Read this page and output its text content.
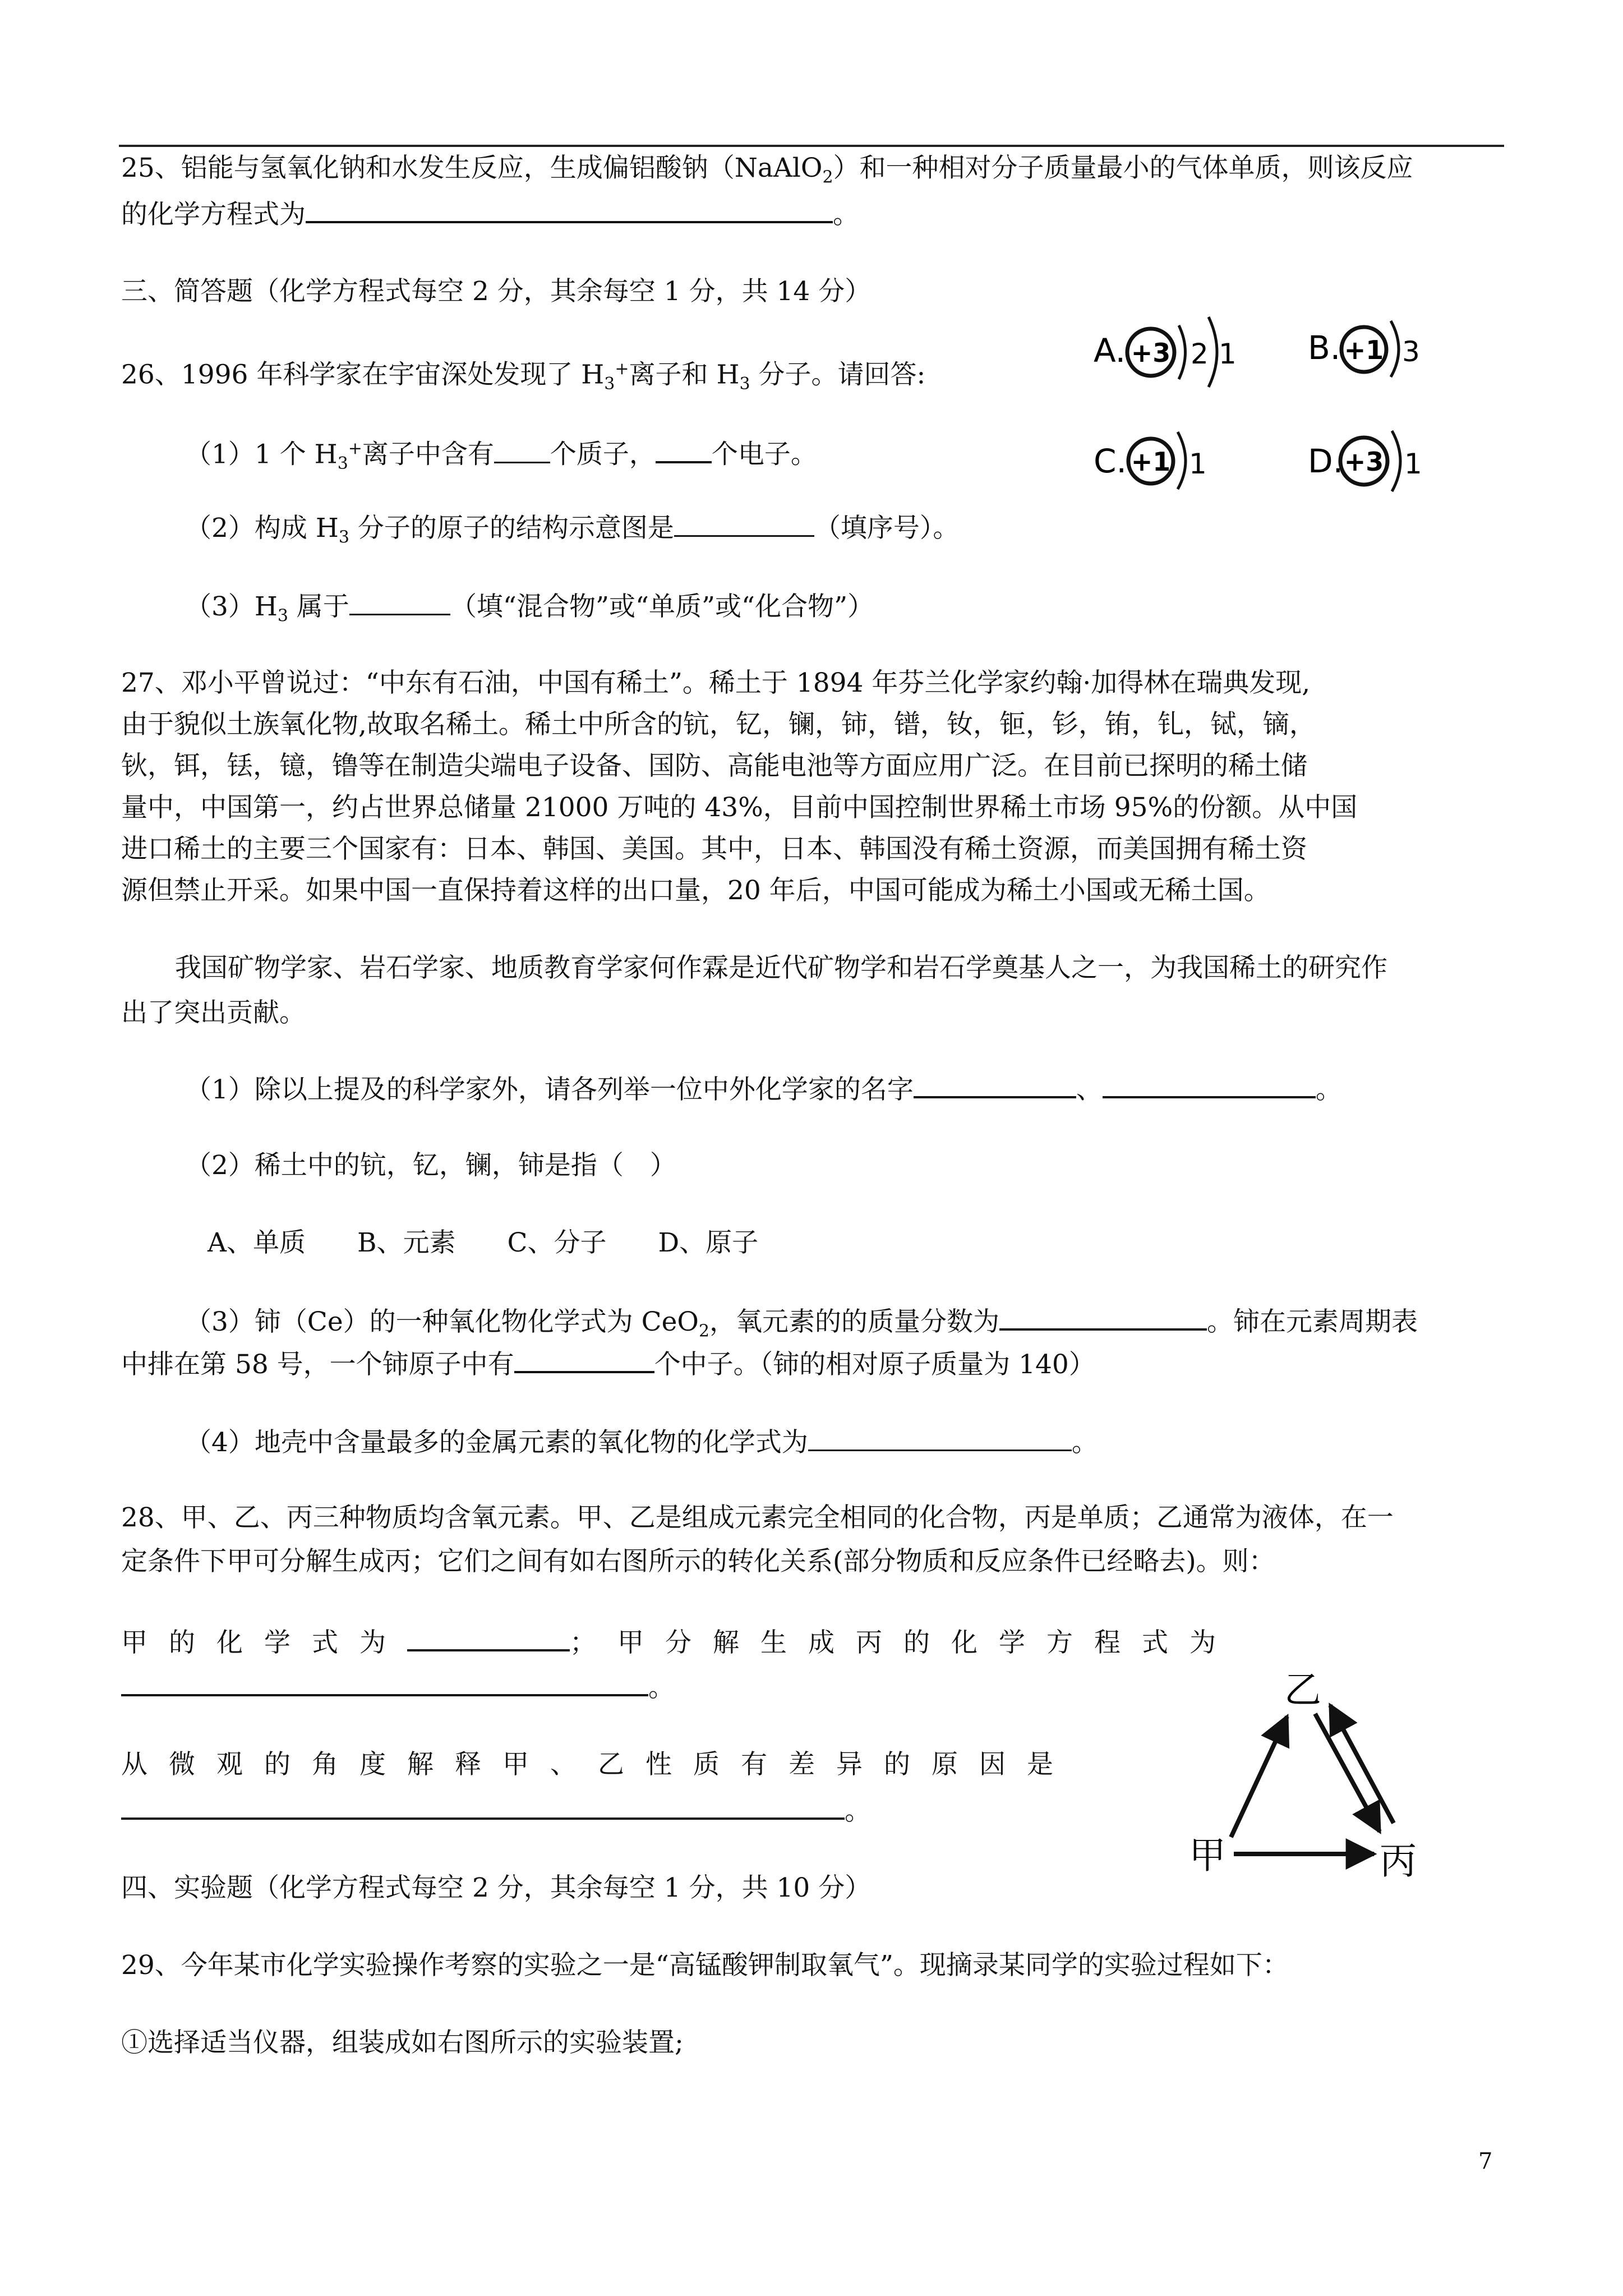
25、铝能与氢氧化钠和水发生反应，生成偏铝酸钠（NaAlO$_2$）和一种相对分子质量最小的气体单质，则该反应
的化学方程式为	。
三、简答题（化学方程式每空 2 分，其余每空 1 分，共 14 分）
26、1996 年科学家在宇宙深处发现了 $H_3^+$离子和 $H_3$ 分子。请回答:
（1）1 个 $H_3^+$离子中含有 个质子， 个电子。
（2）构成 $H_3$ 分子的原子的结构示意图是	（填序号）。
$(3)H_3$ 属于	（填“混合物”或“单质”或“化合物”）
A. +3 2 1 B. +1 3
C. +1 1	D. +3 1
27、邓小平曾说过：“中东有石油，中国有稀土”。稀土于 1894 年芬兰化学家约翰·加得林在瑞典发现,
由于貌似土族氧化物,故取名稀土。稀土中所含的钪，钇，镧，铈，镨，钕，钷，钐，铕，钆，铽，镝，
钬，铒，铥，镱，镥等在制造尖端电子设备、国防、高能电池等方面应用广泛。在目前已探明的稀土储
量中，中国第一，约占世界总储量 21000 万吨的 43%，目前中国控制世界稀土市场 95%的份额。从中国
进口稀土的主要三个国家有：日本、韩国、美国。其中，日本、韩国没有稀土资源，而美国拥有稀土资
源但禁止开采。如果中国一直保持着这样的出口量，20 年后，中国可能成为稀土小国或无稀土国。
我国矿物学家、岩石学家、地质教育学家何作霖是近代矿物学和岩石学奠基人之一，为我国稀土的研究作
出了突出贡献。
（1）除以上提及的科学家外，请各列举一位中外化学家的名字	、	。
（2）稀土中的钪，钇，镧，铈是指（　）
A、单质 B、元素 C、分子 D、原子
（3）铈（Ce）的一种氧化物化学式为 CeO$_2$，氧元素的的质量分数为	。铈在元素周期表
中排在第 58 号，一个铈原子中有	个中子。（铈的相对原子质量为 140）
（4）地壳中含量最多的金属元素的氧化物的化学式为	。
28、甲、乙、丙三种物质均含氧元素。甲、乙是组成元素完全相同的化合物，丙是单质；乙通常为液体，在一
定条件下甲可分解生成丙；它们之间有如右图所示的转化关系(部分物质和反应条件已经略去)。则：
甲的化学式为	；甲分解生成丙的化学方程式为
。
从微观的角度解释甲、乙性质有差异的原因是
。
乙
甲	丙
四、实验题（化学方程式每空 2 分，其余每空 1 分，共 10 分）
29、今年某市化学实验操作考察的实验之一是“高锰酸钾制取氧气”。现摘录某同学的实验过程如下：
①选择适当仪器，组装成如右图所示的实验装置;
7
